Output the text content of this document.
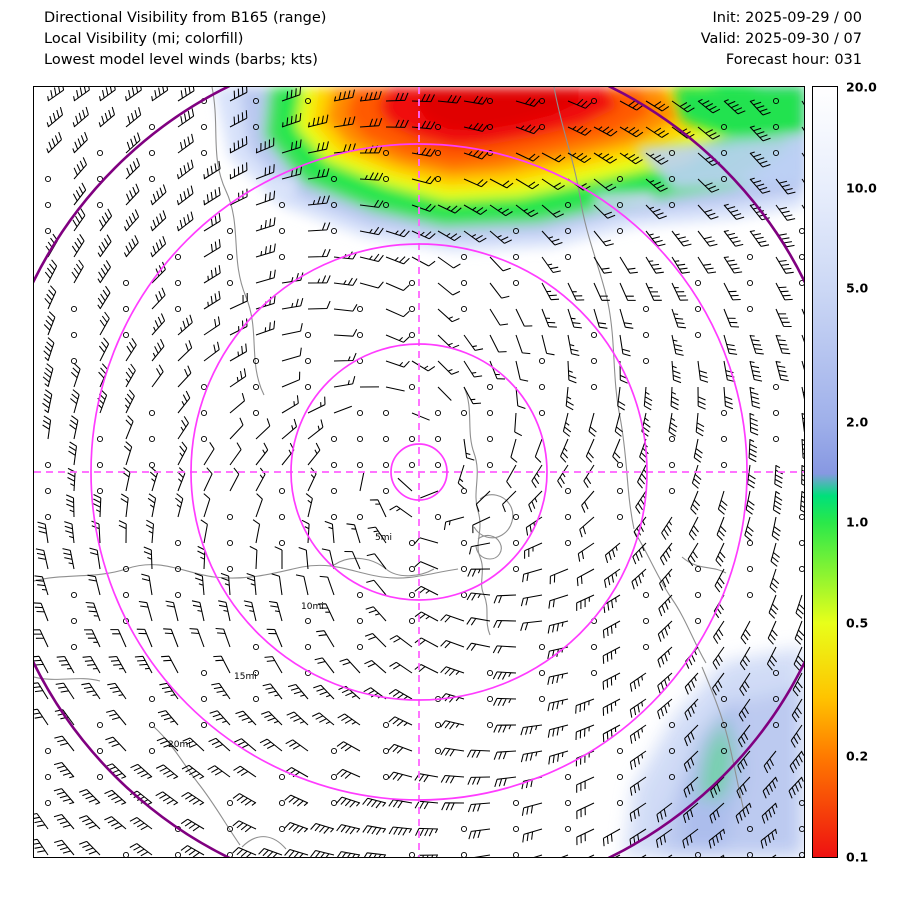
Directional Visibility from B165 (range)
Local Visibility (mi; colorfill)
Lowest model level winds (barbs; kts)
Init: 2025-09-29 / 00
Valid: 2025-09-30 / 07
Forecast hour: 031
5mi
10mi
15mi
20mi
20.0
10.0
5.0
2.0
1.0
0.5
0.2
0.1
